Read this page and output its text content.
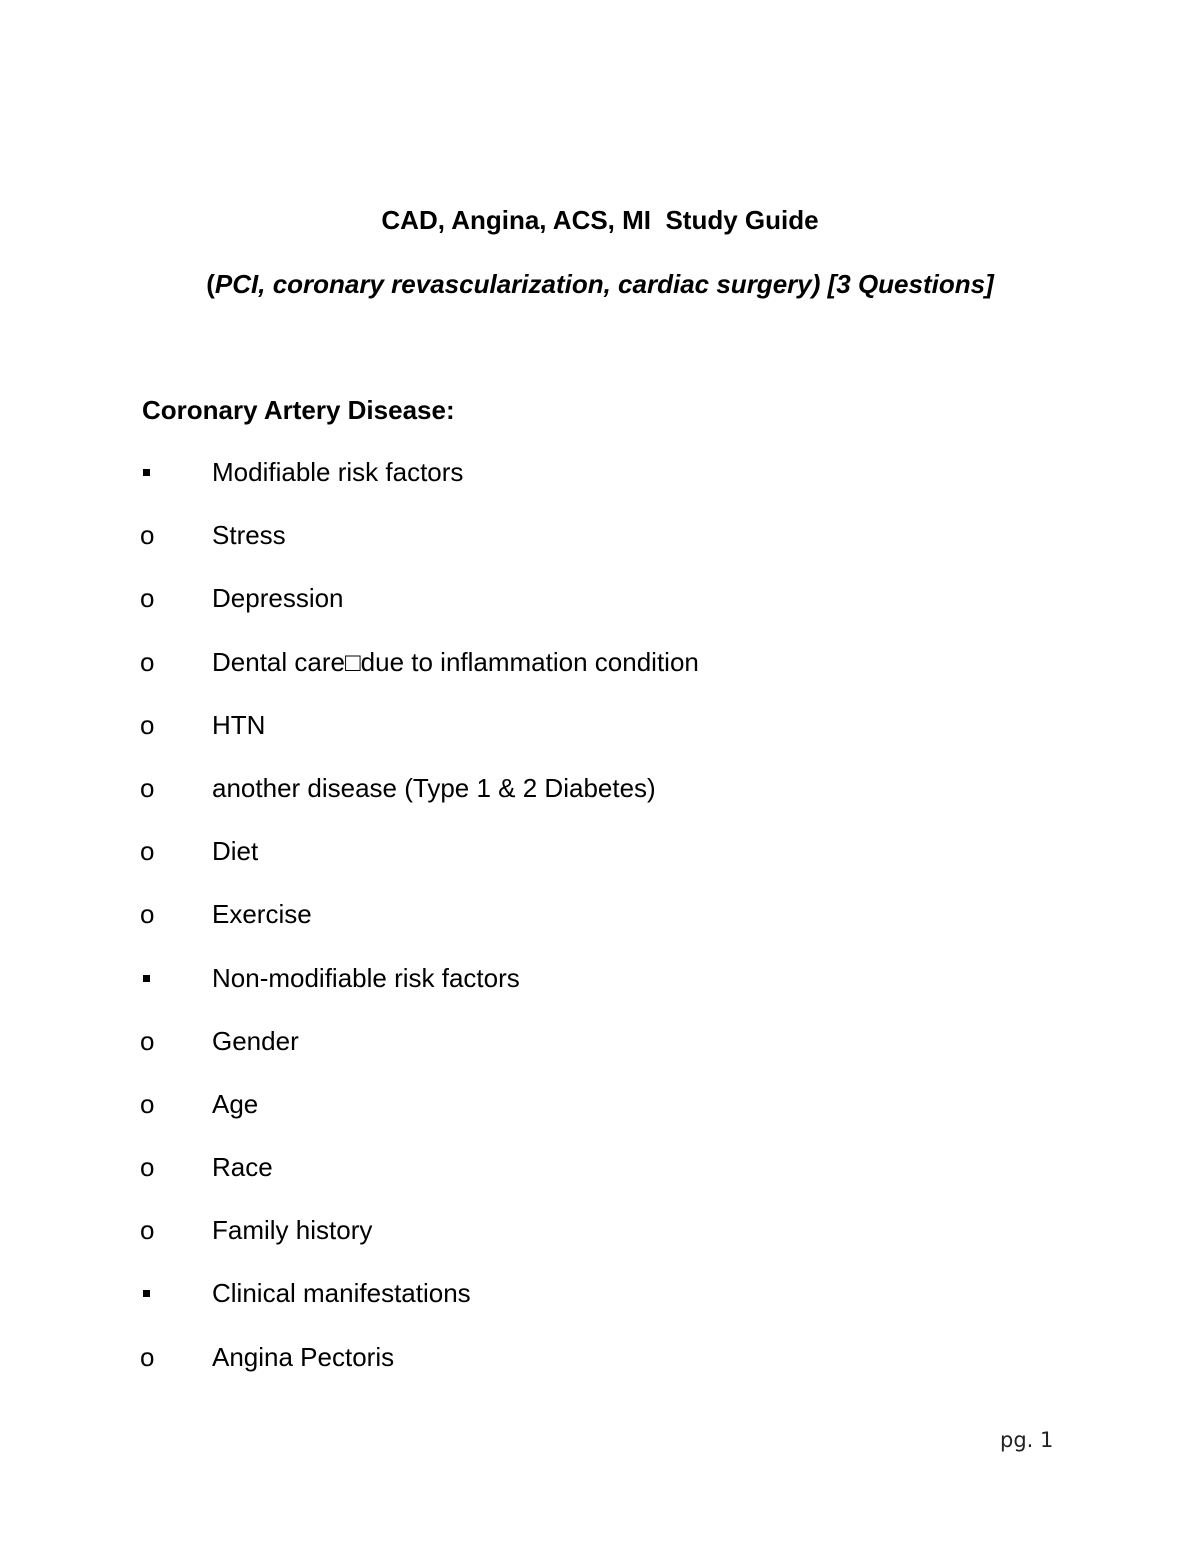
CAD, Angina, ACS, MI  Study Guide
(PCI, coronary revascularization, cardiac surgery) [3 Questions]
Coronary Artery Disease:
Modifiable risk factors
o	Stress
o	Depression
o	Dental care□due to inflammation condition
o	HTN
o	another disease (Type 1 & 2 Diabetes)
o	Diet
o	Exercise
Non-modifiable risk factors
o	Gender
o	Age
o	Race
o	Family history
Clinical manifestations
o	Angina Pectoris
pg. 1
